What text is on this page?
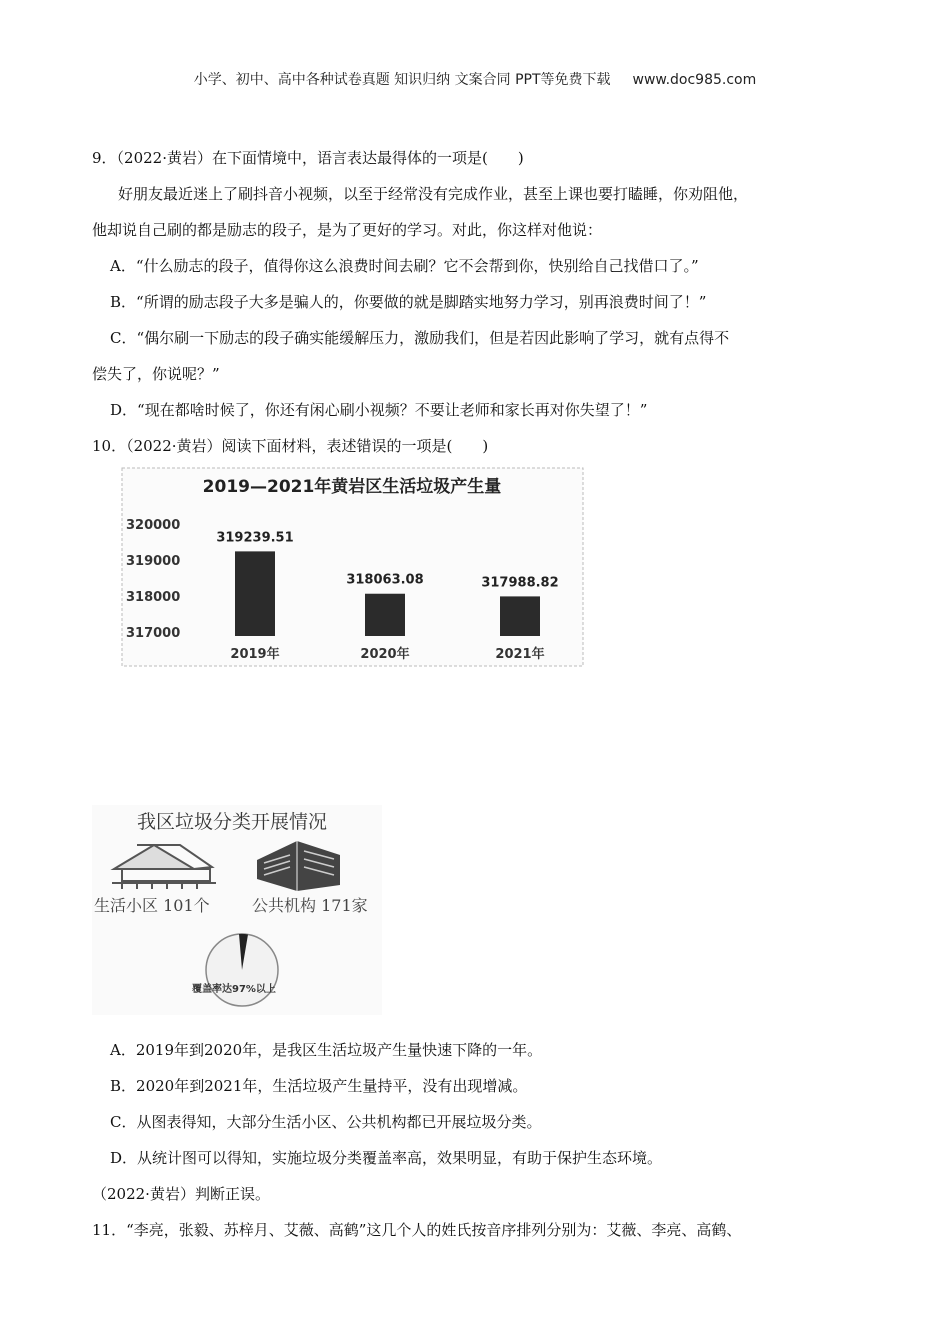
小学、初中、高中各种试卷真题 知识归纳 文案合同 PPT等免费下载 www.doc985.com
9．（2022·黄岩）在下面情境中，语言表达最得体的一项是(　　)
好朋友最近迷上了刷抖音小视频，以至于经常没有完成作业，甚至上课也要打瞌睡，你劝阻他，
他却说自己刷的都是励志的段子，是为了更好的学习。对此，你这样对他说：
A．“什么励志的段子，值得你这么浪费时间去刷？它不会帮到你，快别给自己找借口了。”
B．“所谓的励志段子大多是骗人的，你要做的就是脚踏实地努力学习，别再浪费时间了！”
C．“偶尔刷一下励志的段子确实能缓解压力，激励我们，但是若因此影响了学习，就有点得不
偿失了，你说呢？”
D．“现在都啥时候了，你还有闲心刷小视频？不要让老师和家长再对你失望了！”
10．（2022·黄岩）阅读下面材料，表述错误的一项是(　　)
2019—2021年黄岩区生活垃圾产生量
320000
319000
318000
317000
319239.51
2019年
318063.08
2020年
317988.82
2021年
我区垃圾分类开展情况
生活小区 101个	公共机构 171家
覆盖率达97%以上
A．2019年到2020年，是我区生活垃圾产生量快速下降的一年。
B．2020年到2021年，生活垃圾产生量持平，没有出现增减。
C．从图表得知，大部分生活小区、公共机构都已开展垃圾分类。
D．从统计图可以得知，实施垃圾分类覆盖率高，效果明显，有助于保护生态环境。
（2022·黄岩）判断正误。
11．“李亮，张毅、苏梓月、艾薇、高鹤”这几个人的姓氏按音序排列分别为：艾薇、李亮、高鹤、
